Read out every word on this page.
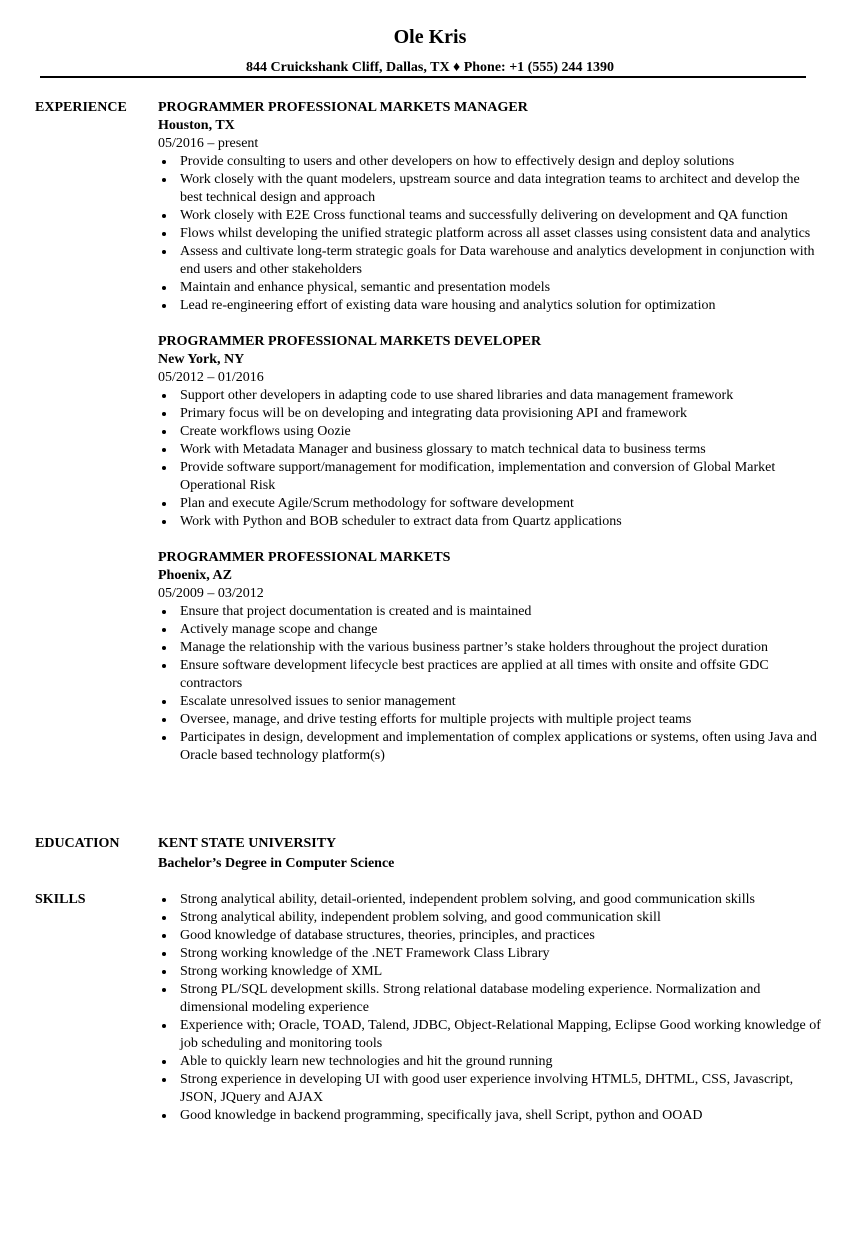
Ole Kris
844 Cruickshank Cliff, Dallas, TX ♦ Phone: +1 (555) 244 1390
EXPERIENCE PROGRAMMER PROFESSIONAL MARKETS MANAGER
Houston, TX
05/2016 – present
Provide consulting to users and other developers on how to effectively design and deploy solutions
Work closely with the quant modelers, upstream source and data integration teams to architect and develop the best technical design and approach
Work closely with E2E Cross functional teams and successfully delivering on development and QA function
Flows whilst developing the unified strategic platform across all asset classes using consistent data and analytics
Assess and cultivate long-term strategic goals for Data warehouse and analytics development in conjunction with end users and other stakeholders
Maintain and enhance physical, semantic and presentation models
Lead re-engineering effort of existing data ware housing and analytics solution for optimization
PROGRAMMER PROFESSIONAL MARKETS DEVELOPER
New York, NY
05/2012 – 01/2016
Support other developers in adapting code to use shared libraries and data management framework
Primary focus will be on developing and integrating data provisioning API and framework
Create workflows using Oozie
Work with Metadata Manager and business glossary to match technical data to business terms
Provide software support/management for modification, implementation and conversion of Global Market Operational Risk
Plan and execute Agile/Scrum methodology for software development
Work with Python and BOB scheduler to extract data from Quartz applications
PROGRAMMER PROFESSIONAL MARKETS
Phoenix, AZ
05/2009 – 03/2012
Ensure that project documentation is created and is maintained
Actively manage scope and change
Manage the relationship with the various business partner’s stake holders throughout the project duration
Ensure software development lifecycle best practices are applied at all times with onsite and offsite GDC contractors
Escalate unresolved issues to senior management
Oversee, manage, and drive testing efforts for multiple projects with multiple project teams
Participates in design, development and implementation of complex applications or systems, often using Java and Oracle based technology platform(s)
EDUCATION	KENT STATE UNIVERSITY
Bachelor’s Degree in Computer Science
SKILLS	Strong analytical ability, detail-oriented, independent problem solving, and good communication skills
Strong analytical ability, independent problem solving, and good communication skill
Good knowledge of database structures, theories, principles, and practices
Strong working knowledge of the .NET Framework Class Library
Strong working knowledge of XML
Strong PL/SQL development skills. Strong relational database modeling experience. Normalization and dimensional modeling experience
Experience with; Oracle, TOAD, Talend, JDBC, Object-Relational Mapping, Eclipse Good working knowledge of job scheduling and monitoring tools
Able to quickly learn new technologies and hit the ground running
Strong experience in developing UI with good user experience involving HTML5, DHTML, CSS, Javascript, JSON, JQuery and AJAX
Good knowledge in backend programming, specifically java, shell Script, python and OOAD
